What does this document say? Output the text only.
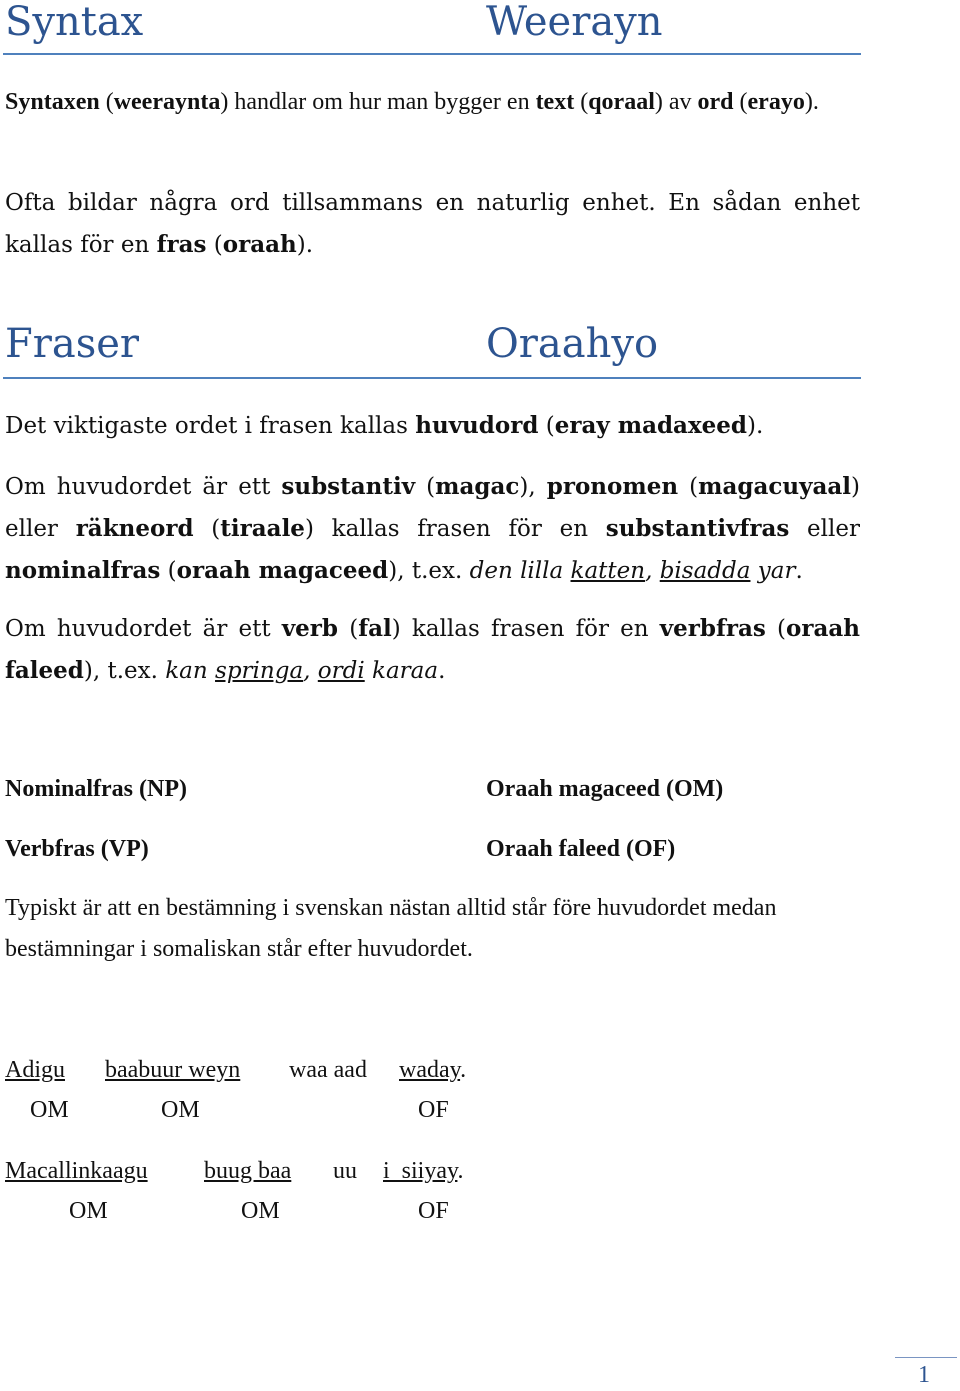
Syntax	Weerayn
Syntaxen (weeraynta) handlar om hur man bygger en text (qoraal) av ord (erayo).
Ofta bildar några ord tillsammans en naturlig enhet. En sådan enhet kallas för en fras (oraah).
Fraser	Oraahyo
Det viktigaste ordet i frasen kallas huvudord (eray madaxeed).
Om huvudordet är ett substantiv (magac), pronomen (magacuyaal) eller räkneord (tiraale) kallas frasen för en substantivfras eller nominalfras (oraah magaceed), t.ex. den lilla katten, bisadda yar.
Om huvudordet är ett verb (fal) kallas frasen för en verbfras (oraah faleed), t.ex. kan springa, ordi karaa.
Nominalfras (NP)	Oraah magaceed (OM)
Verbfras (VP)	Oraah faleed (OF)
Typiskt är att en bestämning i svenskan nästan alltid står före huvudordet medan bestämningar i somaliskan står efter huvudordet.
Adigu baabuur weyn waa aad waday.
OM	OM	OF
Macallinkaagu buug baa uu i  siiyay.
OM	OM	OF
1
